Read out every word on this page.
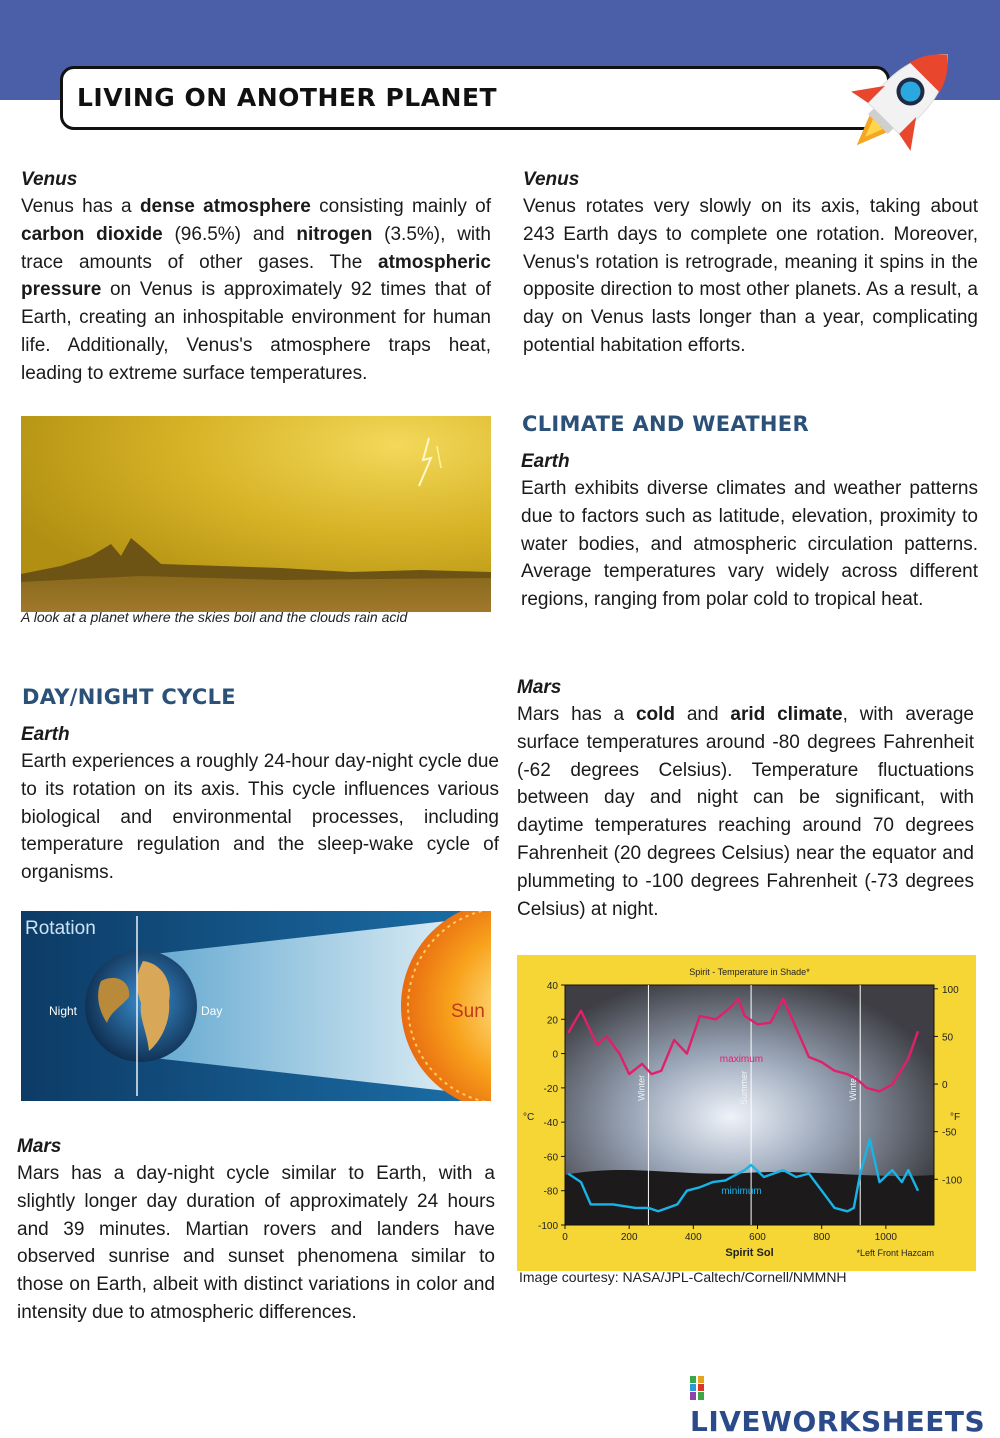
LIVING ON ANOTHER PLANET
Venus

Venus has a dense atmosphere consisting mainly of carbon dioxide (96.5%) and nitrogen (3.5%), with trace amounts of other gases. The atmospheric pressure on Venus is approximately 92 times that of Earth, creating an inhospitable environment for human life. Additionally, Venus's atmosphere traps heat, leading to extreme surface temperatures.

A look at a planet where the skies boil and the clouds rain acid
DAY/NIGHT CYCLE
Earth

Earth experiences a roughly 24-hour day-night cycle due to its rotation on its axis. This cycle influences various biological and environmental processes, including temperature regulation and the sleep-wake cycle of organisms.

Rotation
Night	Day	Sun
Mars

Mars has a day-night cycle similar to Earth, with a slightly longer day duration of approximately 24 hours and 39 minutes. Martian rovers and landers have observed sunrise and sunset phenomena similar to those on Earth, albeit with distinct variations in color and intensity due to atmospheric differences.

Venus

Venus rotates very slowly on its axis, taking about 243 Earth days to complete one rotation. Moreover, Venus's rotation is retrograde, meaning it spins in the opposite direction to most other planets. As a result, a day on Venus lasts longer than a year, complicating potential habitation efforts.

CLIMATE AND WEATHER
Earth

Earth exhibits diverse climates and weather patterns due to factors such as latitude, elevation, proximity to water bodies, and atmospheric circulation patterns. Average temperatures vary widely across different regions, ranging from polar cold to tropical heat.

Mars

Mars has a cold and arid climate, with average surface temperatures around -80 degrees Fahrenheit (-62 degrees Celsius). Temperature fluctuations between day and night can be significant, with daytime temperatures reaching around 70 degrees Fahrenheit (20 degrees Celsius) near the equator and plummeting to -100 degrees Fahrenheit (-73 degrees Celsius) at night.

Spirit - Temperature in Shade*
Spirit Sol	*Left Front Hazcam
°C	°F
0	200	400	600	800	1000
40
20
0
-20
-40
-60
-80
-100
100
50
0
-50
-100
Winter	Summer	Winter
maximum
minimum
Image courtesy: NASA/JPL-Caltech/Cornell/NMMNH
LIVEWORKSHEETS
